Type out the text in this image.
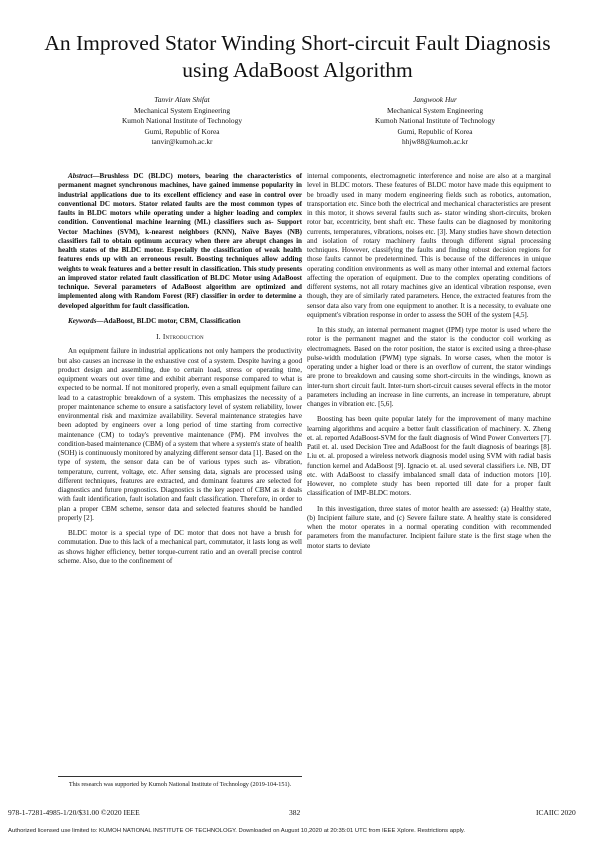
An Improved Stator Winding Short-circuit Fault Diagnosis using AdaBoost Algorithm
Tanvir Alam Shifat
Mechanical System Engineering
Kumoh National Institute of Technology
Gumi, Republic of Korea
tanvir@kumoh.ac.kr
Jangwook Hur
Mechanical System Engineering
Kumoh National Institute of Technology
Gumi, Republic of Korea
hhjw88@kumoh.ac.kr

Abstract—Brushless DC (BLDC) motors, bearing the characteristics of permanent magnet synchronous machines, have gained immense popularity in industrial applications due to its excellent efficiency and ease in control over conventional DC motors. Stator related faults are the most common types of faults in BLDC motors while operating under a higher loading and complex condition. Conventional machine learning (ML) classifiers such as- Support Vector Machines (SVM), k-nearest neighbors (KNN), Naïve Bayes (NB) classifiers fail to obtain optimum accuracy when there are abrupt changes in health states of the BLDC motor. Especially the classification of weak health features ends up with an erroneous result. Boosting techniques allow adding weights to weak features and a better result in classification. This study presents an improved stator related fault classification of BLDC Motor using AdaBoost technique. Several parameters of AdaBoost algorithm are optimized and implemented along with Random Forest (RF) classifier in order to determine a developed algorithm for fault classification.

Keywords—AdaBoost, BLDC motor, CBM, Classification

I. Introduction

An equipment failure in industrial applications not only hampers the productivity but also causes an increase in the exhaustive cost of a system. Despite having a good product design and assembling, due to certain load, stress or operating time, equipment wears out over time and exhibit aberrant response compared to what is expected to be normal. If not monitored properly, even a small equipment failure can lead to a catastrophic breakdown of a system. This emphasizes the necessity of a proper maintenance scheme to ensure a satisfactory level of system reliability, lower environmental risk and maximize availability. Several maintenance strategies have been adopted by engineers over a long period of time starting from corrective maintenance (CM) to today's preventive maintenance (PM). PM involves the condition-based maintenance (CBM) of a system that where a system's state of health (SOH) is continuously monitored by analyzing different sensor data [1]. Based on the type of system, the sensor data can be of various types such as- vibration, temperature, current, voltage, etc. After sensing data, signals are processed using different techniques, features are extracted, and dominant features are selected for diagnostics and future prognostics. Diagnostics is the key aspect of CBM as it deals with fault identification, fault isolation and fault classification. Therefore, in order to plan a proper CBM scheme, sensor data and selected features should be handled properly [2].

BLDC motor is a special type of DC motor that does not have a brush for commutation. Due to this lack of a mechanical part, commutator, it lasts long as well as shows higher efficiency, better torque-current ratio and an overall precise control scheme. Also, due to the confinement of

internal components, electromagnetic interference and noise are also at a marginal level in BLDC motors. These features of BLDC motor have made this equipment to be broadly used in many modern engineering fields such as robotics, automation, transportation etc. Since both the electrical and mechanical characteristics are present in this motor, it shows several faults such as- stator winding short-circuits, broken rotor bar, eccentricity, bent shaft etc. These faults can be diagnosed by monitoring currents, temperatures, vibrations, noises etc. [3]. Many studies have shown detection and isolation of rotary machinery faults through different signal processing techniques. However, classifying the faults and finding robust decision regions for those faults cannot be predetermined. This is because of the differences in unique operating condition environments as well as many other internal and external factors affecting the operation of equipment. Due to the complex operating conditions of different systems, not all rotary machines give an identical vibration response, even though, they are of similarly rated parameters. Hence, the extracted features from the sensor data also vary from one equipment to another. It is a necessity, to evaluate one equipment's vibration response in order to assess the SOH of the system [4,5].

In this study, an internal permanent magnet (IPM) type motor is used where the rotor is the permanent magnet and the stator is the conductor coil working as electromagnets. Based on the rotor position, the stator is excited using a three-phase pulse-width modulation (PWM) type signals. In worse cases, when the motor is operating under a higher load or there is an overflow of current, the stator windings are prone to breakdown and causing some short-circuits in the windings, known as inter-turn short circuit fault. Inter-turn short-circuit causes several effects in the motor parameters including an increase in line currents, an increase in temperature, abrupt changes in vibration etc. [5,6].

Boosting has been quite popular lately for the improvement of many machine learning algorithms and acquire a better fault classification of machinery. X. Zheng et. al. reported AdaBoost-SVM for the fault diagnosis of Wind Power Converters [7]. Patil et. al. used Decision Tree and AdaBoost for the fault diagnosis of bearings [8]. Liu et. al. proposed a wireless network diagnosis model using SVM with radial basis function kernel and AdaBoost [9]. Ignacio et. al. used several classifiers i.e. NB, DT etc. with AdaBoost to classify imbalanced small data of induction motors [10]. However, no complete study has been reported till date for a proper fault classification of IMP-BLDC motors.

In this investigation, three states of motor health are assessed: (a) Healthy state, (b) Incipient failure state, and (c) Severe failure state. A healthy state is considered when the motor operates in a normal operating condition with recommended parameters from the manufacturer. Incipient failure state is the first stage when the motor starts to deviate

This research was supported by Kumoh National Institute of Technology (2019-104-151).
978-1-7281-4985-1/20/$31.00 ©2020 IEEE	382	ICAIIC 2020
Authorized licensed use limited to: KUMOH NATIONAL INSTITUTE OF TECHNOLOGY. Downloaded on August 10,2020 at 20:35:01 UTC from IEEE Xplore. Restrictions apply.
